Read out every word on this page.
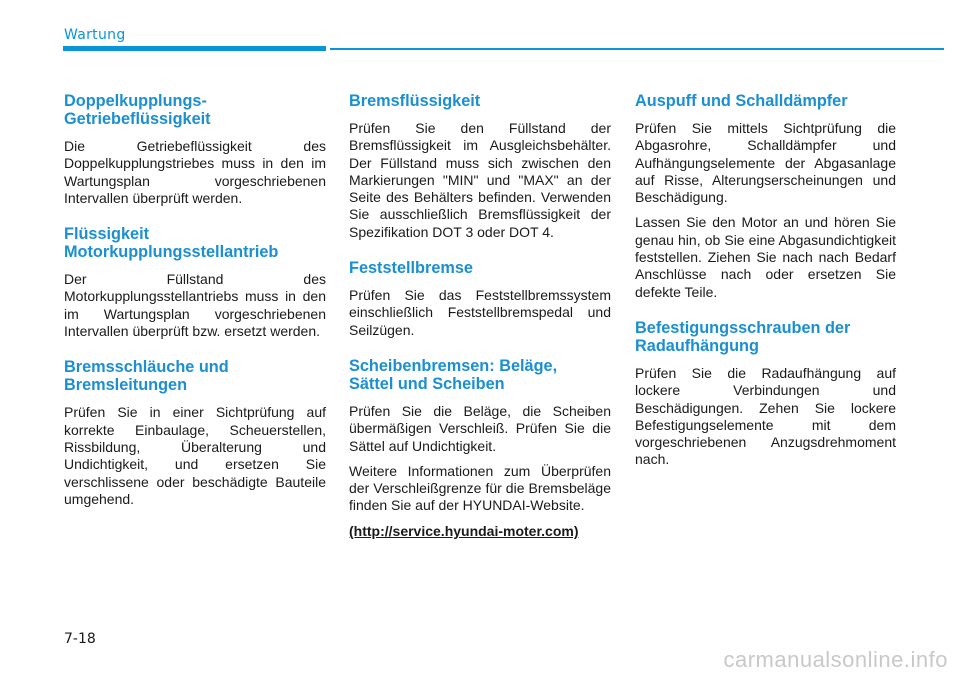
Wartung
Doppelkupplungs-
Getriebeflüssigkeit

Die Getriebeflüssigkeit des Doppelkupplungstriebes muss in den im Wartungsplan vorgeschriebenen Intervallen überprüft werden.

Flüssigkeit
Motorkupplungsstellantrieb

Der Füllstand des Motorkupplungsstellantriebs muss in den im Wartungsplan vorgeschriebenen Intervallen überprüft bzw. ersetzt werden.

Bremsschläuche und
Bremsleitungen

Prüfen Sie in einer Sichtprüfung auf korrekte Einbaulage, Scheuerstellen, Rissbildung, Überalterung und Undichtigkeit, und ersetzen Sie verschlissene oder beschädigte Bauteile umgehend.

Bremsflüssigkeit

Prüfen Sie den Füllstand der Bremsflüssigkeit im Ausgleichsbehälter. Der Füllstand muss sich zwischen den Markierungen "MIN" und "MAX" an der Seite des Behälters befinden. Verwenden Sie ausschließlich Bremsflüssigkeit der Spezifikation DOT 3 oder DOT 4.

Feststellbremse

Prüfen Sie das Feststellbremssystem einschließlich Feststellbremspedal und Seilzügen.

Scheibenbremsen: Beläge,
Sättel und Scheiben

Prüfen Sie die Beläge, die Scheiben übermäßigen Verschleiß. Prüfen Sie die Sättel auf Undichtigkeit.

Weitere Informationen zum Überprüfen der Verschleißgrenze für die Bremsbeläge finden Sie auf der HYUNDAI-Website.

(http://service.hyundai-moter.com)

Auspuff und Schalldämpfer

Prüfen Sie mittels Sichtprüfung die Abgasrohre, Schalldämpfer und Aufhängungselemente der Abgasanlage auf Risse, Alterungserscheinungen und Beschädigung.

Lassen Sie den Motor an und hören Sie genau hin, ob Sie eine Abgasundichtigkeit feststellen. Ziehen Sie nach nach Bedarf Anschlüsse nach oder ersetzen Sie defekte Teile.

Befestigungsschrauben der
Radaufhängung

Prüfen Sie die Radaufhängung auf lockere Verbindungen und Beschädigungen. Zehen Sie lockere Befestigungselemente mit dem vorgeschriebenen Anzugsdrehmoment nach.

7-18
carmanualsonline.info
